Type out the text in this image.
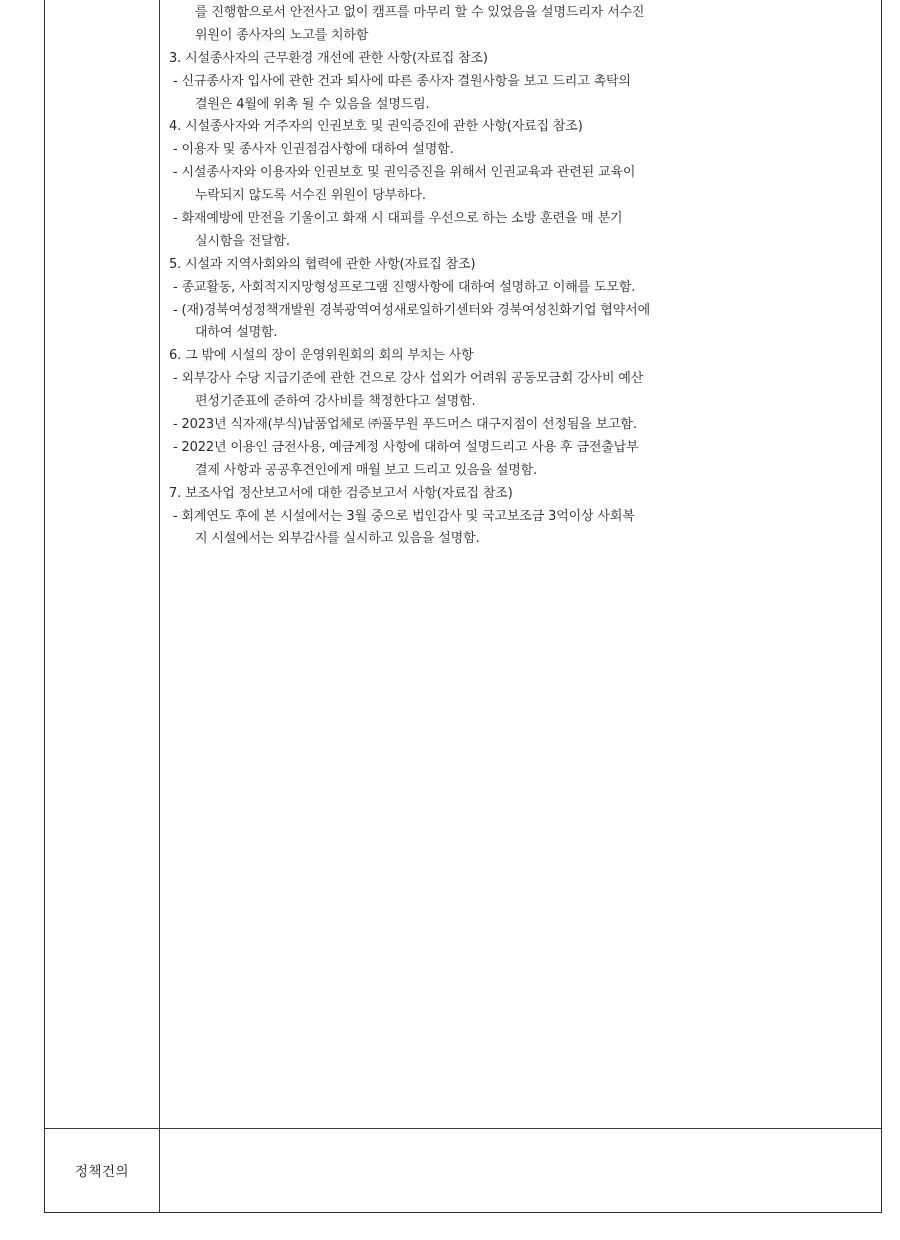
정책건의
를 진행함으로서 안전사고 없이 캠프를 마무리 할 수 있었음을 설명드리자 서수진
위원이 종사자의 노고를 치하함
3. 시설종사자의 근무환경 개선에 관한 사항(자료집 참조)
- 신규종사자 입사에 관한 건과 퇴사에 따른 종사자 결원사항을 보고 드리고 촉탁의
결원은 4월에 위촉 될 수 있음을 설명드림.
4. 시설종사자와 거주자의 인권보호 및 권익증진에 관한 사항(자료집 참조)
- 이용자 및 종사자 인권점검사항에 대하여 설명함.
- 시설종사자와 이용자와 인권보호 및 권익증진을 위해서 인권교육과 관련된 교육이
누락되지 않도록 서수진 위원이 당부하다.
- 화재예방에 만전을 기울이고 화재 시 대피를 우선으로 하는 소방 훈련을 매 분기
실시함을 전달함.
5. 시설과 지역사회와의 협력에 관한 사항(자료집 참조)
- 종교활동, 사회적지지망형성프로그램 진행사항에 대하여 설명하고 이해를 도모함.
- (재)경북여성정책개발원 경북광역여성새로일하기센터와 경북여성친화기업 협약서에
대하여 설명함.
6. 그 밖에 시설의 장이 운영위원회의 회의 부치는 사항
- 외부강사 수당 지급기준에 관한 건으로 강사 섭외가 어려워 공동모금회 강사비 예산
편성기준표에 준하여 강사비를 책정한다고 설명함.
- 2023년 식자재(부식)납품업체로 ㈜풀무원 푸드머스 대구지점이 선정됨을 보고함.
- 2022년 이용인 금전사용, 예금계정 사항에 대하여 설명드리고 사용 후 금전출납부
결제 사항과 공공후견인에게 매월 보고 드리고 있음을 설명함.
7. 보조사업 정산보고서에 대한 검증보고서 사항(자료집 참조)
- 회계연도 후에 본 시설에서는 3월 중으로 법인감사 및 국고보조금 3억이상 사회복
지 시설에서는 외부감사를 실시하고 있음을 설명함.
